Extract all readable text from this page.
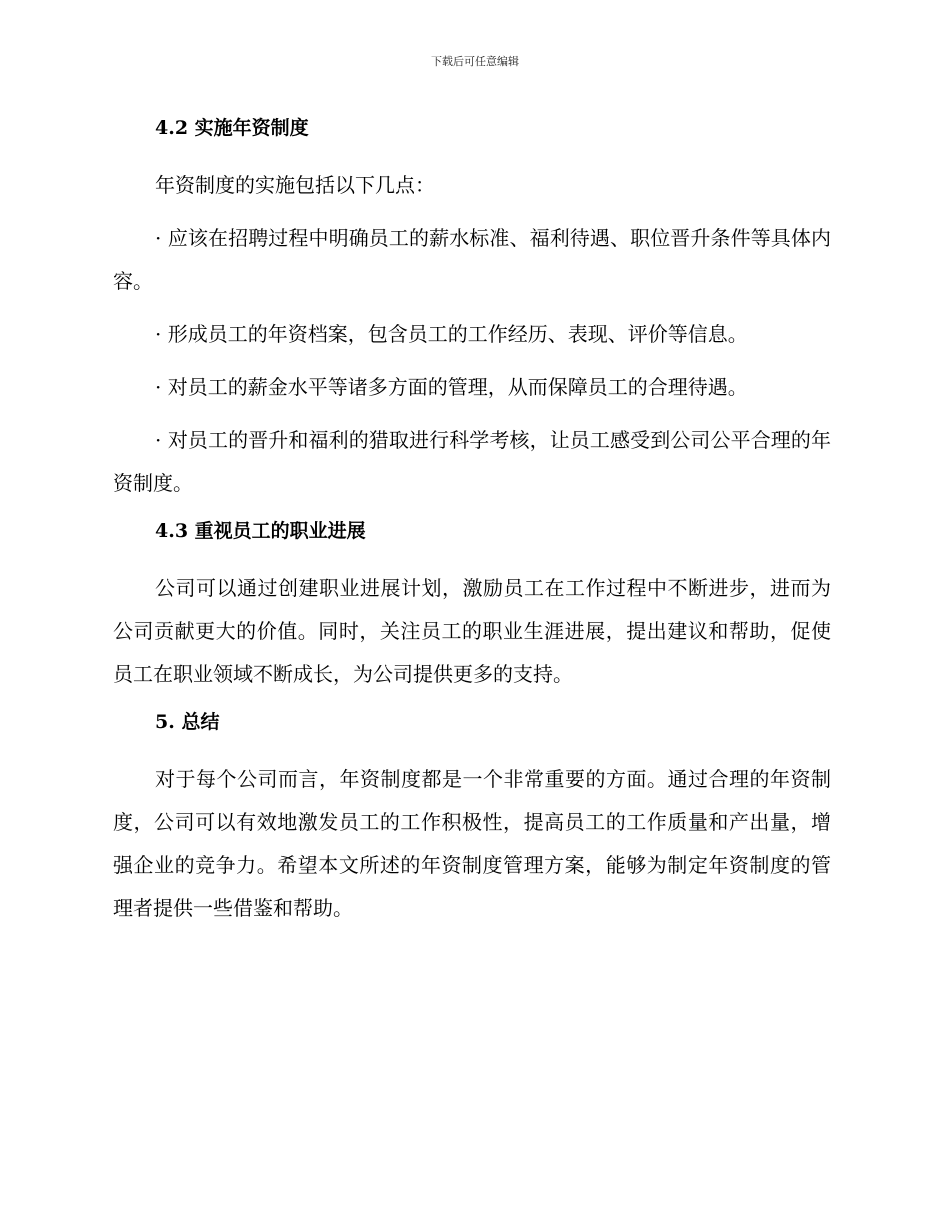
下载后可任意编辑
4.2 实施年资制度

年资制度的实施包括以下几点：

· 应该在招聘过程中明确员工的薪水标准、福利待遇、职位晋升条件等具体内容。

· 形成员工的年资档案，包含员工的工作经历、表现、评价等信息。

· 对员工的薪金水平等诸多方面的管理，从而保障员工的合理待遇。

· 对员工的晋升和福利的猎取进行科学考核，让员工感受到公司公平合理的年资制度。

4.3 重视员工的职业进展

公司可以通过创建职业进展计划，激励员工在工作过程中不断进步，进而为公司贡献更大的价值。同时，关注员工的职业生涯进展，提出建议和帮助，促使员工在职业领域不断成长，为公司提供更多的支持。

5. 总结

对于每个公司而言，年资制度都是一个非常重要的方面。通过合理的年资制度，公司可以有效地激发员工的工作积极性，提高员工的工作质量和产出量，增强企业的竞争力。希望本文所述的年资制度管理方案，能够为制定年资制度的管理者提供一些借鉴和帮助。
